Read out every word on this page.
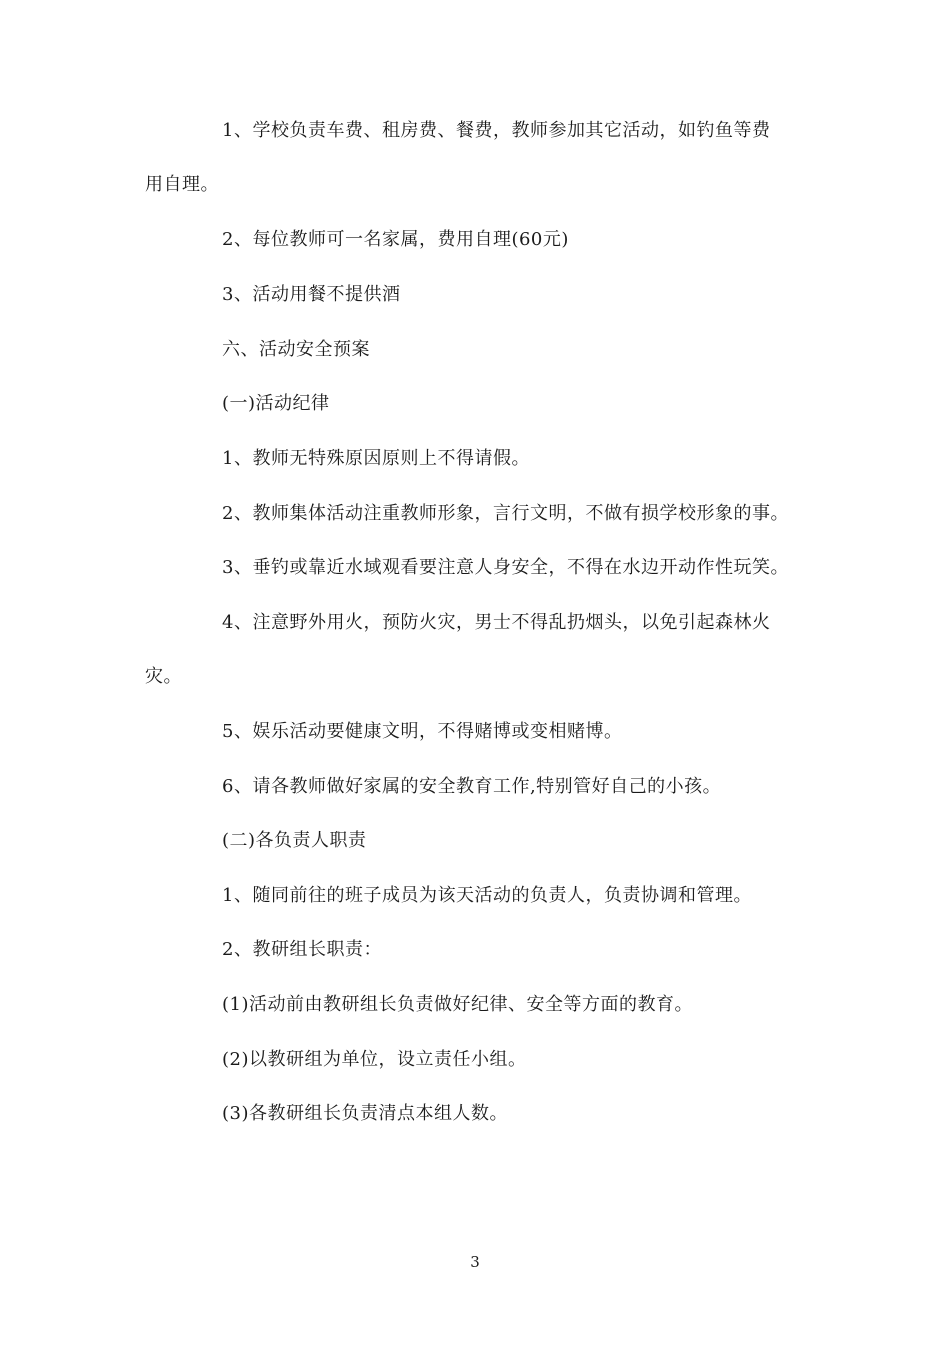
1、学校负责车费、租房费、餐费，教师参加其它活动，如钓鱼等费
用自理。
2、每位教师可一名家属，费用自理(60元)
3、活动用餐不提供酒
六、活动安全预案
(一)活动纪律
1、教师无特殊原因原则上不得请假。
2、教师集体活动注重教师形象，言行文明，不做有损学校形象的事。
3、垂钓或靠近水域观看要注意人身安全，不得在水边开动作性玩笑。
4、注意野外用火，预防火灾，男士不得乱扔烟头，以免引起森林火
灾。
5、娱乐活动要健康文明，不得赌博或变相赌博。
6、请各教师做好家属的安全教育工作,特别管好自己的小孩。
(二)各负责人职责
1、随同前往的班子成员为该天活动的负责人，负责协调和管理。
2、教研组长职责：
(1)活动前由教研组长负责做好纪律、安全等方面的教育。
(2)以教研组为单位，设立责任小组。
(3)各教研组长负责清点本组人数。
3
